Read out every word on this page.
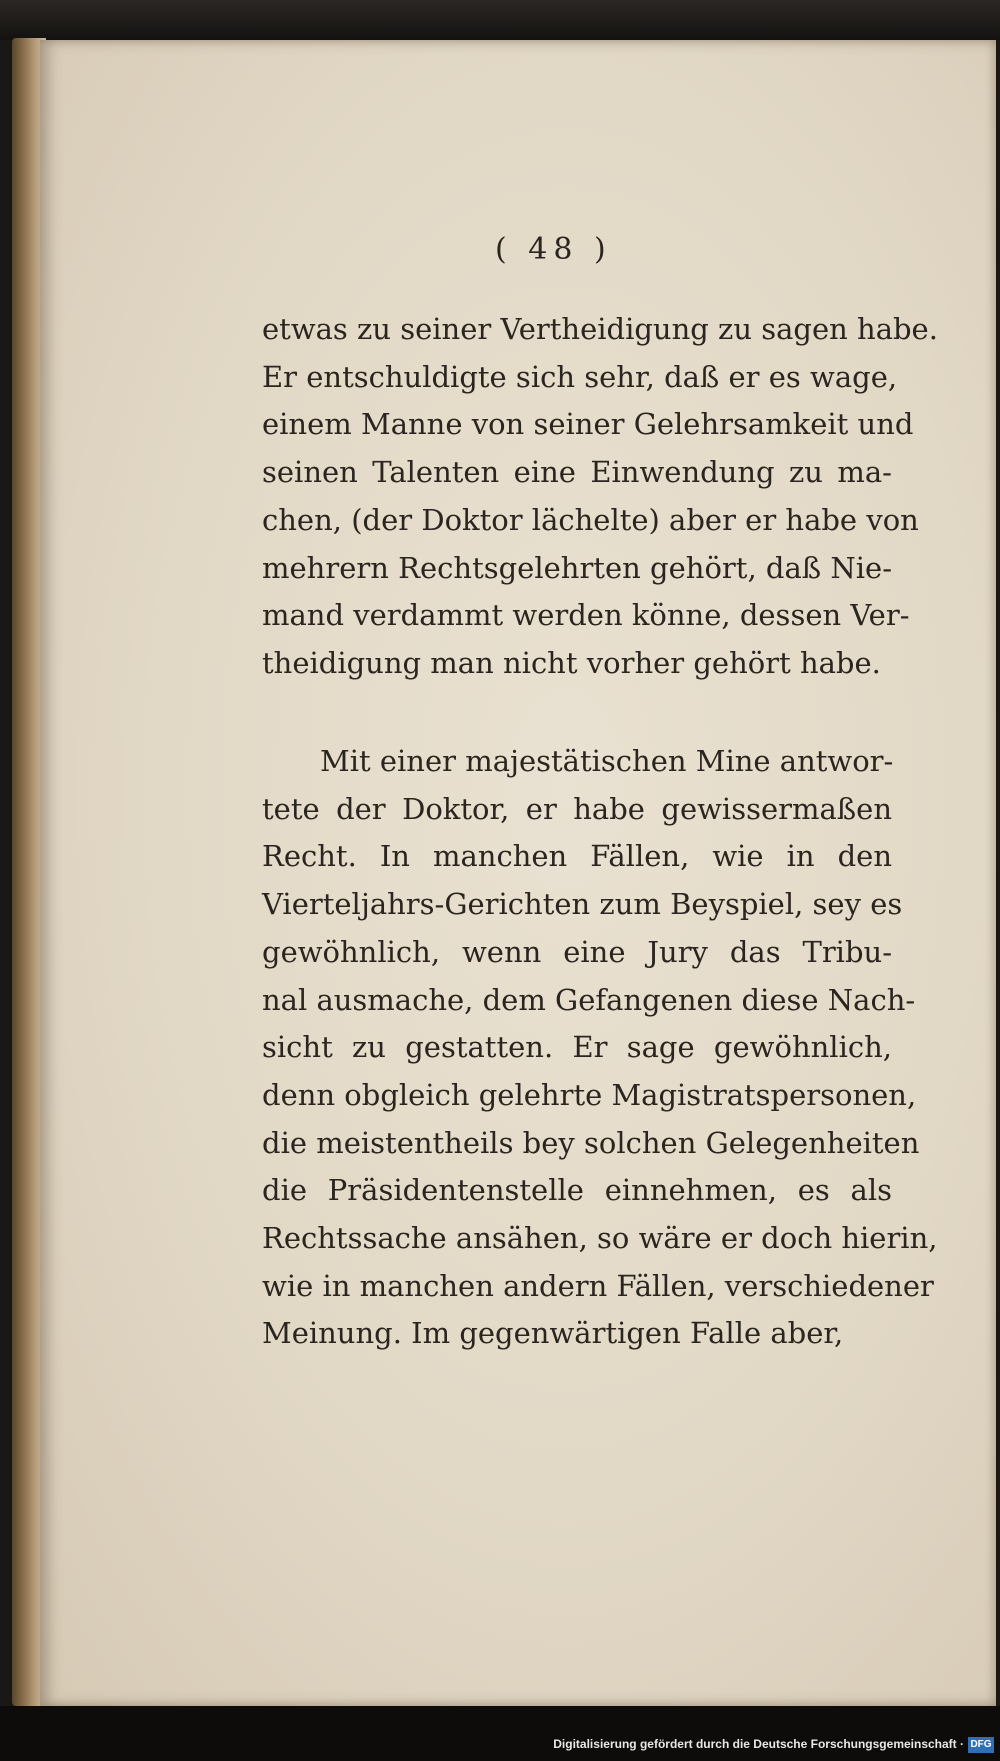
( 48 )
etwas zu seiner Vertheidigung zu sagen habe.
Er entschuldigte sich sehr, daß er es wage,
einem Manne von seiner Gelehrsamkeit und
seinen Talenten eine Einwendung zu ma-
chen, (der Doktor lächelte) aber er habe von
mehrern Rechtsgelehrten gehört, daß Nie-
mand verdammt werden könne, dessen Ver-
theidigung man nicht vorher gehört habe.
Mit einer majestätischen Mine antwor-
tete der Doktor, er habe gewissermaßen
Recht. In manchen Fällen, wie in den
Vierteljahrs-Gerichten zum Beyspiel, sey es
gewöhnlich, wenn eine Jury das Tribu-
nal ausmache, dem Gefangenen diese Nach-
sicht zu gestatten. Er sage gewöhnlich,
denn obgleich gelehrte Magistratspersonen,
die meistentheils bey solchen Gelegenheiten
die Präsidentenstelle einnehmen, es als
Rechtssache ansähen, so wäre er doch hierin,
wie in manchen andern Fällen, verschiedener
Meinung. Im gegenwärtigen Falle aber,
Digitalisierung gefördert durch die Deutsche Forschungsgemeinschaft · DFG
